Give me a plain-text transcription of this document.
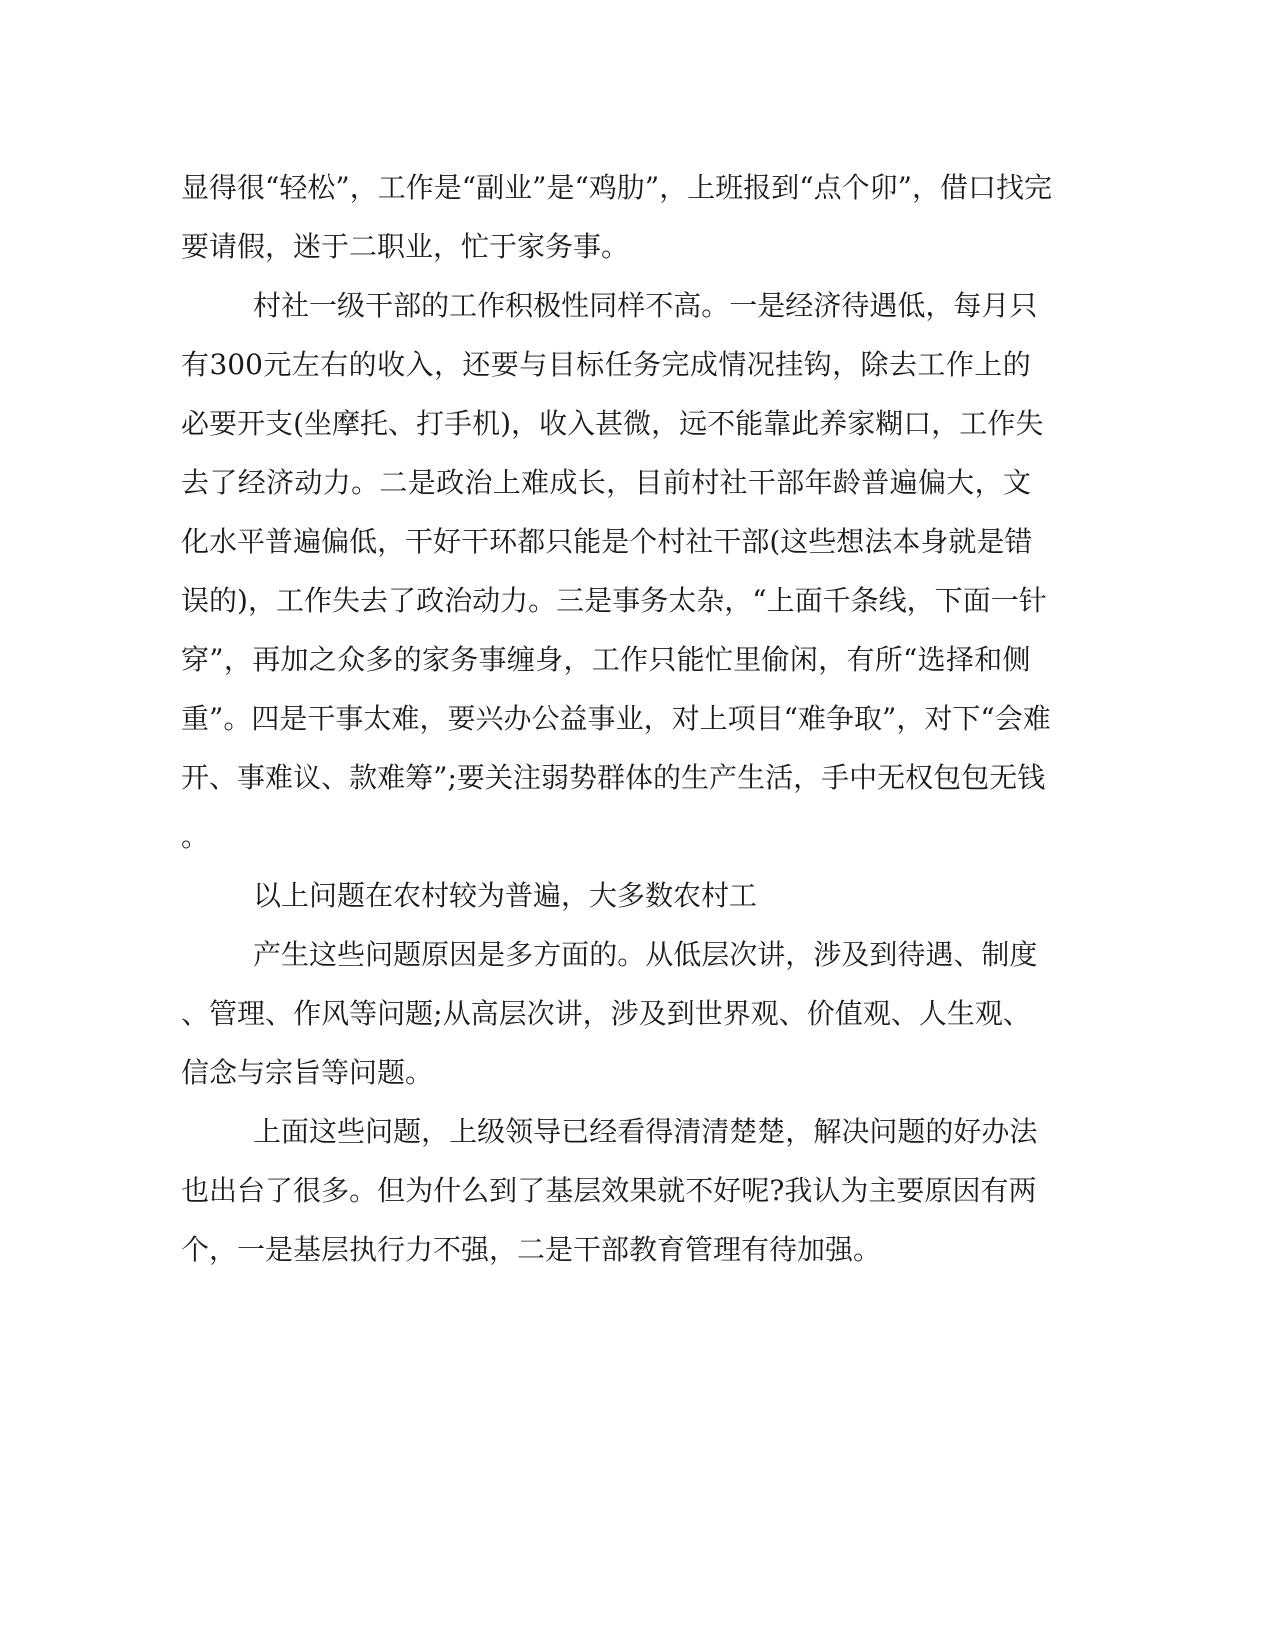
显 得 很 “ 轻 松 ” ， 工 作 是 “ 副 业 ” 是 “ 鸡 肋 ” ， 上 班 报 到 “ 点 个 卯 ” ， 借 口 找 完
要请假，迷于二职业，忙于家务事。
村 社 一 级 干 部 的 工 作 积 极 性 同 样 不 高 。 一 是 经 济 待 遇 低 ， 每 月 只
有 300 元 左 右 的 收 入 ， 还 要 与 目 标 任 务 完 成 情 况 挂 钩 ， 除 去 工 作 上 的
必 要 开 支 ( 坐 摩 托 、 打 手 机 ) ， 收 入 甚 微 ， 远 不 能 靠 此 养 家 糊 口 ， 工 作 失
去 了 经 济 动 力 。 二 是 政 治 上 难 成 长 ， 目 前 村 社 干 部 年 龄 普 遍 偏 大 ， 文
化 水 平 普 遍 偏 低 ， 干 好 干 环 都 只 能 是 个 村 社 干 部 ( 这 些 想 法 本 身 就 是 错
误 的 ) ， 工 作 失 去 了 政 治 动 力 。 三 是 事 务 太 杂 ， “ 上 面 千 条 线 ， 下 面 一 针
穿 ” ， 再 加 之 众 多 的 家 务 事 缠 身 ， 工 作 只 能 忙 里 偷 闲 ， 有 所 “ 选 择 和 侧
重 ” 。 四 是 干 事 太 难 ， 要 兴 办 公 益 事 业 ， 对 上 项 目 “ 难 争 取 ” ， 对 下 “ 会 难
开 、 事 难 议 、 款 难 筹 ” ; 要 关 注 弱 势 群 体 的 生 产 生 活 ， 手 中 无 权 包 包 无 钱
。
以上问题在农村较为普遍，大多数农村工
产 生 这 些 问 题 原 因 是 多 方 面 的 。 从 低 层 次 讲 ， 涉 及 到 待 遇 、 制 度
、 管 理 、 作 风 等 问 题 ; 从 高 层 次 讲 ， 涉 及 到 世 界 观 、 价 值 观 、 人 生 观 、
信念与宗旨等问题。
上 面 这 些 问 题 ， 上 级 领 导 已 经 看 得 清 清 楚 楚 ， 解 决 问 题 的 好 办 法
也 出 台 了 很 多 。 但 为 什 么 到 了 基 层 效 果 就 不 好 呢 ? 我 认 为 主 要 原 因 有 两
个，一是基层执行力不强，二是干部教育管理有待加强。
